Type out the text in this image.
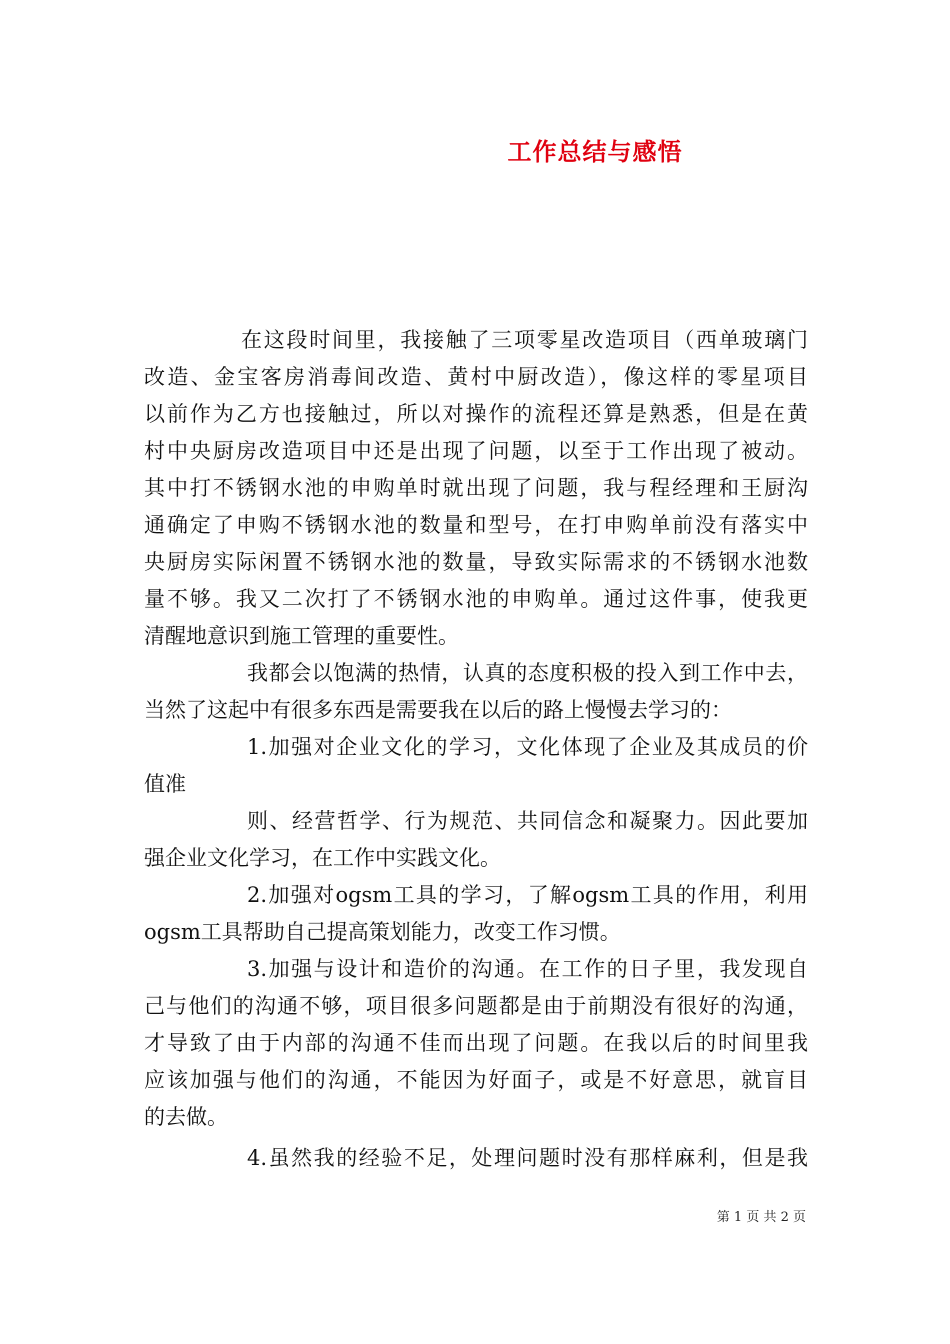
工作总结与感悟
在这段时间里，我接触了三项零星改造项目（西单玻璃门
改造、金宝客房消毒间改造、黄村中厨改造），像这样的零星项目
以前作为乙方也接触过，所以对操作的流程还算是熟悉，但是在黄
村中央厨房改造项目中还是出现了问题，以至于工作出现了被动。
其中打不锈钢水池的申购单时就出现了问题，我与程经理和王厨沟
通确定了申购不锈钢水池的数量和型号，在打申购单前没有落实中
央厨房实际闲置不锈钢水池的数量，导致实际需求的不锈钢水池数
量不够。我又二次打了不锈钢水池的申购单。通过这件事，使我更
清醒地意识到施工管理的重要性。
我都会以饱满的热情，认真的态度积极的投入到工作中去，
当然了这起中有很多东西是需要我在以后的路上慢慢去学习的：
1.加强对企业文化的学习，文化体现了企业及其成员的价
值准
则、经营哲学、行为规范、共同信念和凝聚力。因此要加
强企业文化学习，在工作中实践文化。
2.加强对ogsm工具的学习，了解ogsm工具的作用，利用
ogsm工具帮助自己提高策划能力，改变工作习惯。
3.加强与设计和造价的沟通。在工作的日子里，我发现自
己与他们的沟通不够，项目很多问题都是由于前期没有很好的沟通，
才导致了由于内部的沟通不佳而出现了问题。在我以后的时间里我
应该加强与他们的沟通，不能因为好面子，或是不好意思，就盲目
的去做。
4.虽然我的经验不足，处理问题时没有那样麻利，但是我
第 1 页 共 2 页
